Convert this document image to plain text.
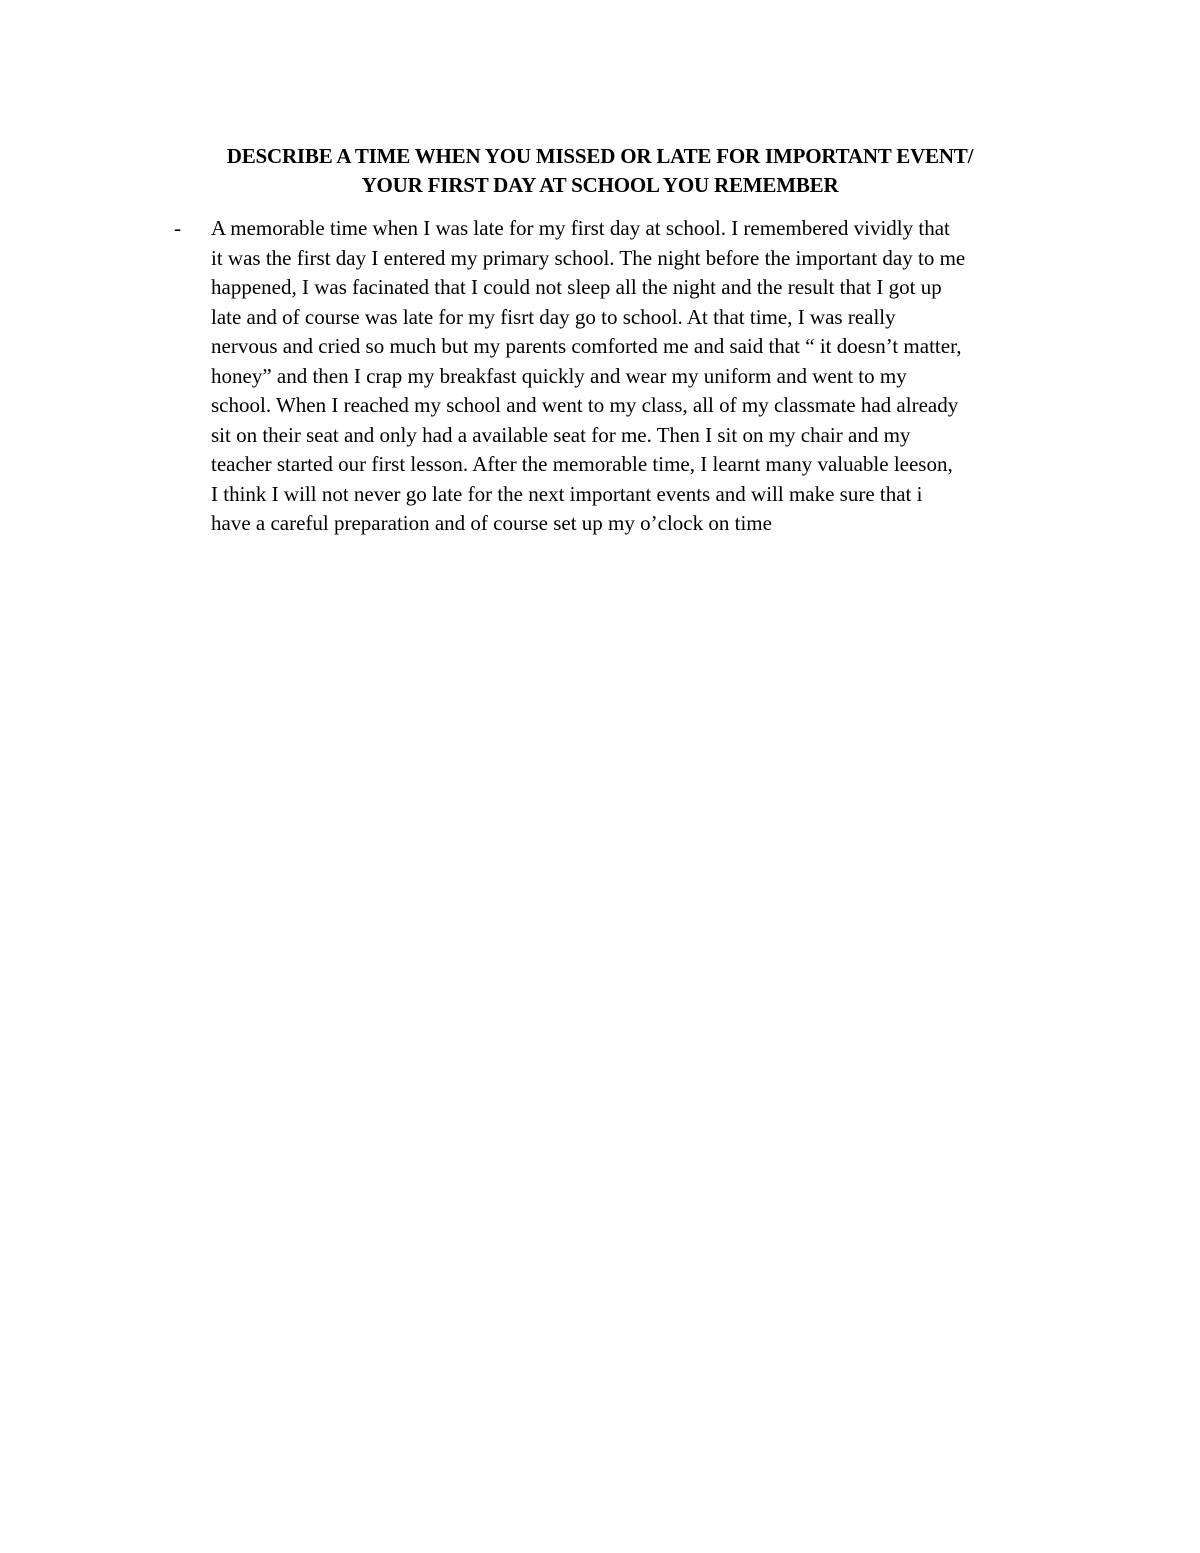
DESCRIBE A TIME WHEN YOU MISSED OR LATE FOR IMPORTANT EVENT/
YOUR FIRST DAY AT SCHOOL YOU REMEMBER
- A memorable time when I was late for my first day at school. I remembered vividly that
it was the first day I entered my primary school. The night before the important day to me
happened, I was facinated that I could not sleep all the night and the result that I got up
late and of course was late for my fisrt day go to school. At that time, I was really
nervous and cried so much but my parents comforted me and said that “ it doesn’t matter,
honey” and then I crap my breakfast quickly and wear my uniform and went to my
school. When I reached my school and went to my class, all of my classmate had already
sit on their seat and only had a available seat for me. Then I sit on my chair and my
teacher started our first lesson. After the memorable time, I learnt many valuable leeson,
I think I will not never go late for the next important events and will make sure that i
have a careful preparation and of course set up my o’clock on time
